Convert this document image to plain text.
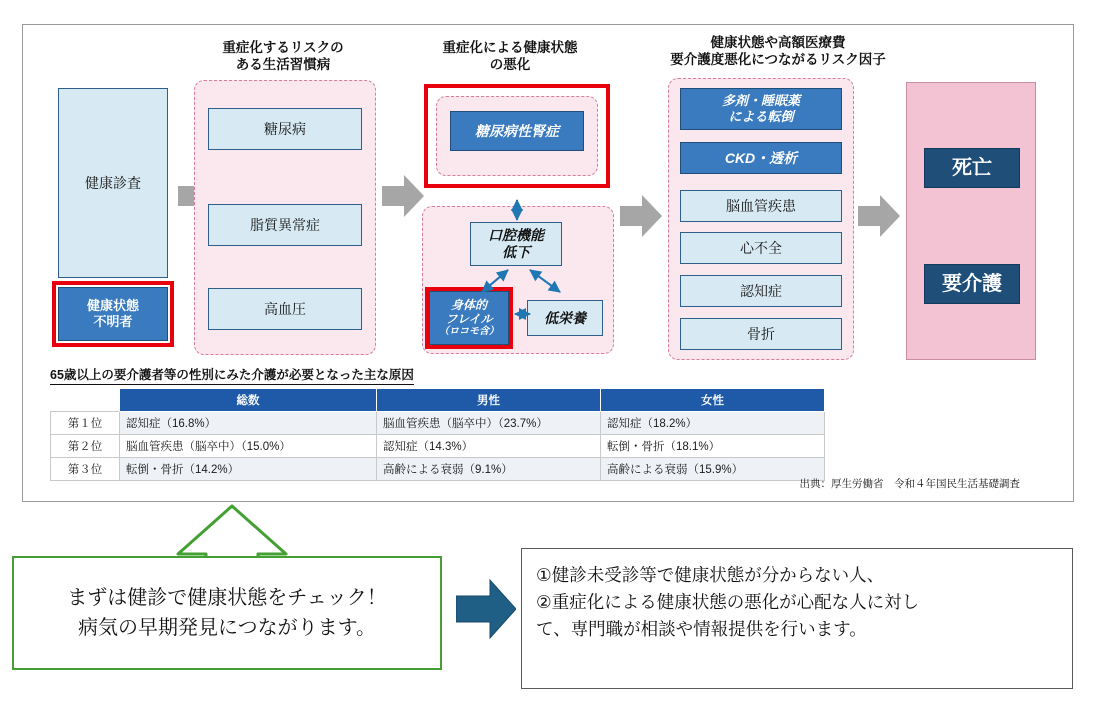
重症化するリスクの
ある生活習慣病
重症化による健康状態
の悪化
健康状態や高額医療費
要介護度悪化につながるリスク因子
健康診査
健康状態
不明者
糖尿病
脂質異常症
高血圧
糖尿病性腎症
口腔機能
低下
身体的
フレイル
（ロコモ含）
低栄養
多剤・睡眠薬
による転倒
CKD・透析
脳血管疾患
心不全
認知症
骨折
死亡
要介護
65歳以上の要介護者等の性別にみた介護が必要となった主な原因
	総数	男性	女性
第１位	認知症（16.8%）	脳血管疾患（脳卒中）（23.7%）	認知症（18.2%）
第２位	脳血管疾患（脳卒中）（15.0%）	認知症（14.3%）	転倒・骨折（18.1%）
第３位	転倒・骨折（14.2%）	高齢による衰弱（9.1%）	高齢による衰弱（15.9%）
出典：厚生労働省　令和４年国民生活基礎調査
まずは健診で健康状態をチェック！
病気の早期発見につながります。
①健診未受診等で健康状態が分からない人、
②重症化による健康状態の悪化が心配な人に対し
て、専門職が相談や情報提供を行います。
